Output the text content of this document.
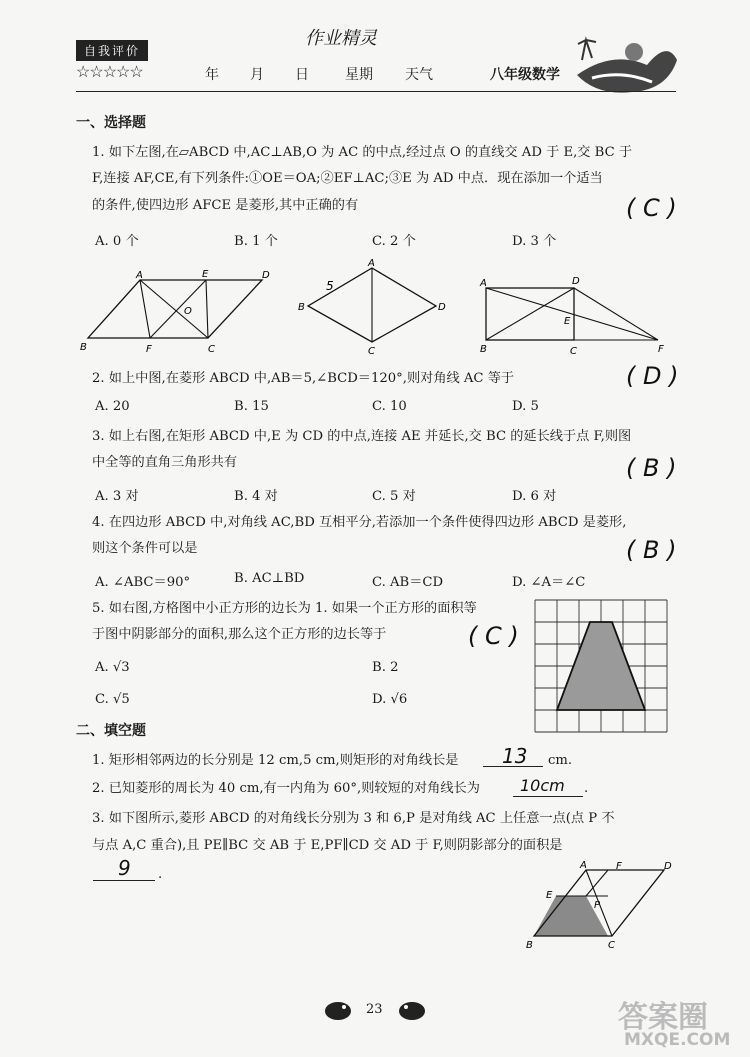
作业精灵
自我评价
☆☆☆☆☆	年 月 日	星期 天气	八年级数学
一、选择题
1. 如下左图,在▱ABCD 中,AC⊥AB,O 为 AC 的中点,经过点 O 的直线交 AD 于 E,交 BC 于
F,连接 AF,CE,有下列条件:①OE＝OA;②EF⊥AC;③E 为 AD 中点．现在添加一个适当
的条件,使四边形 AFCE 是菱形,其中正确的有	( C )
A. 0 个	B. 1 个	C. 2 个	D. 3 个
A	E	D
B	F	C
O
A
D
B
C
5	A	D
E
B	C	F
2. 如上中图,在菱形 ABCD 中,AB＝5,∠BCD＝120°,则对角线 AC 等于	( D )
A. 20	B. 15	C. 10	D. 5
3. 如上右图,在矩形 ABCD 中,E 为 CD 的中点,连接 AE 并延长,交 BC 的延长线于点 F,则图
中全等的直角三角形共有	( B )
A. 3 对	B. 4 对	C. 5 对	D. 6 对
4. 在四边形 ABCD 中,对角线 AC,BD 互相平分,若添加一个条件使得四边形 ABCD 是菱形,
则这个条件可以是	( B )
A. ∠ABC＝90°	B. AC⊥BD	C. AB＝CD	D. ∠A＝∠C
5. 如右图,方格图中小正方形的边长为 1. 如果一个正方形的面积等
于图中阴影部分的面积,那么这个正方形的边长等于	( C )
A. √3	B. 2
C. √5	D. √6
二、填空题
1. 矩形相邻两边的长分别是 12 cm,5 cm,则矩形的对角线长是 13 cm.
2. 已知菱形的周长为 40 cm,有一内角为 60°,则较短的对角线长为	10cm .
3. 如下图所示,菱形 ABCD 的对角线长分别为 3 和 6,P 是对角线 AC 上任意一点(点 P 不
与点 A,C 重合),且 PE∥BC 交 AB 于 E,PF∥CD 交 AD 于 F,则阴影部分的面积是
9 .
A	F	D
E
P
B	C
23	答案圈
MXQE.COM
